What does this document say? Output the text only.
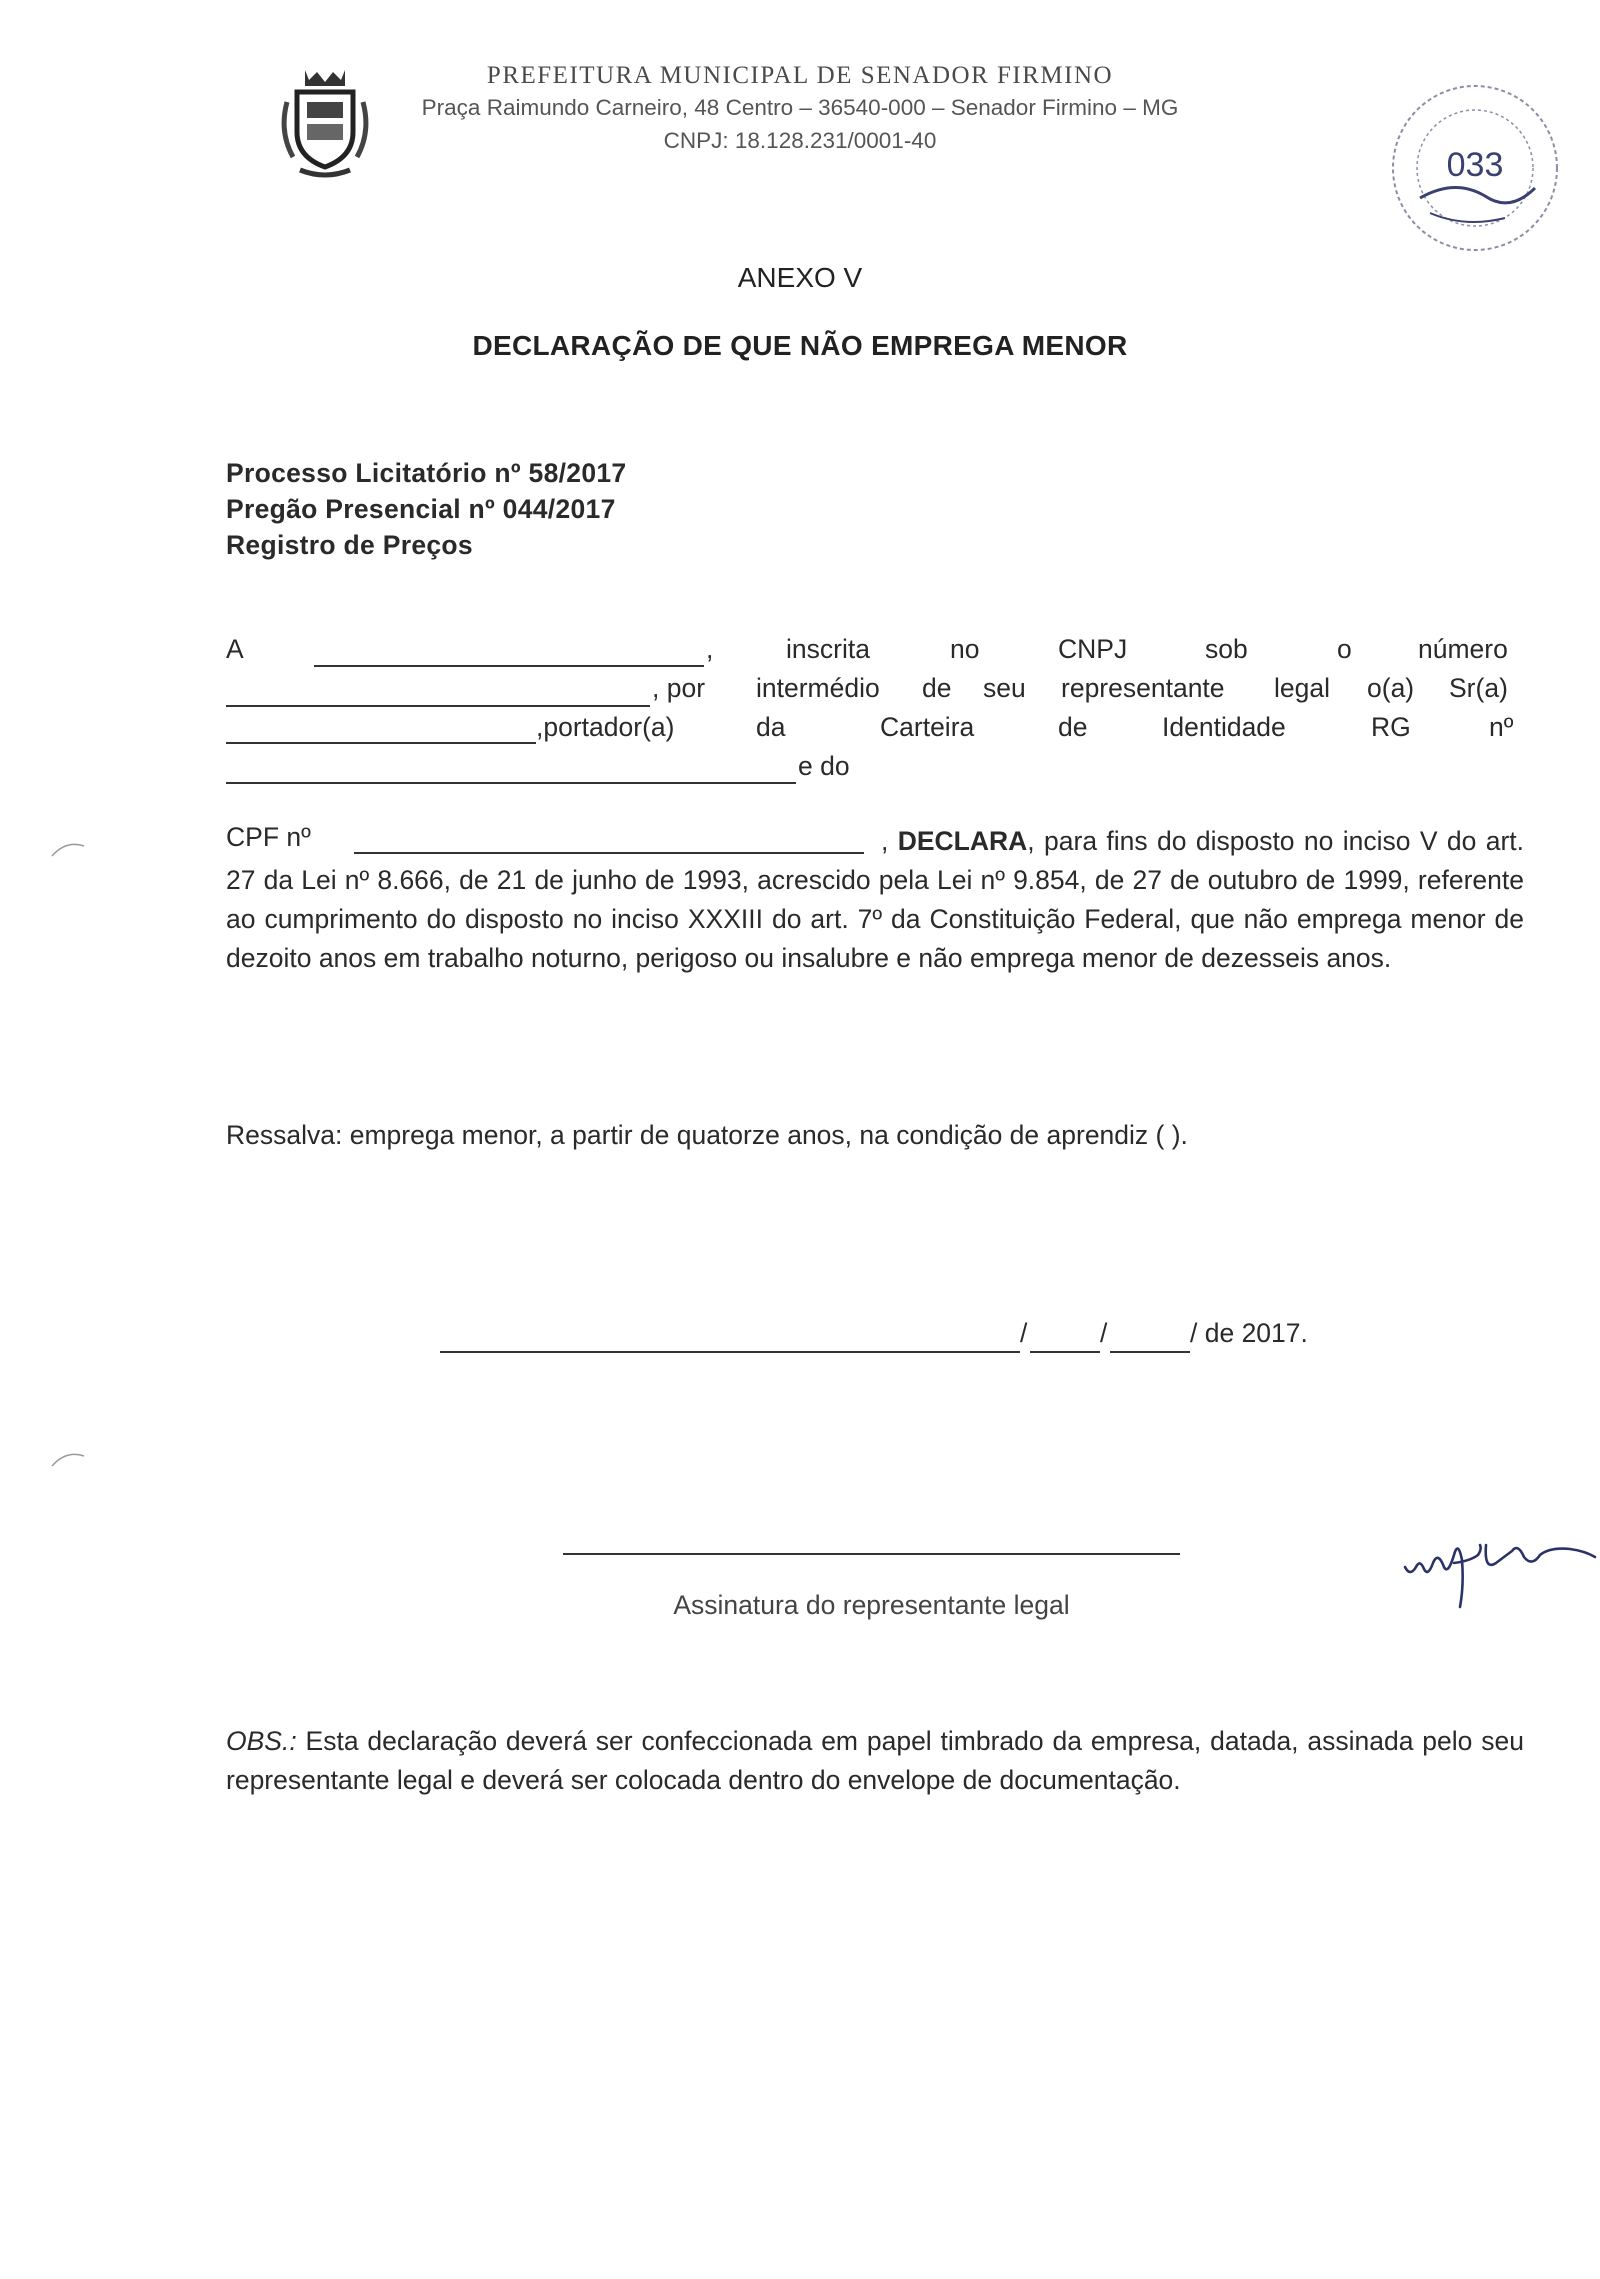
PREFEITURA MUNICIPAL DE SENADOR FIRMINO
Praça Raimundo Carneiro, 48 Centro – 36540-000 – Senador Firmino – MG
CNPJ: 18.128.231/0001-40
033
ANEXO V
DECLARAÇÃO DE QUE NÃO EMPREGA MENOR
Processo Licitatório nº 58/2017
Pregão Presencial nº 044/2017
Registro de Preços
A	,	inscrita	no	CNPJ	sob	o	número
, por intermédio de seu representante legal o(a) Sr(a)
,portador(a)	da	Carteira	de	Identidade	RG	nº
e do
CPF nº	, DECLARA, para fins do disposto no inciso V do art. 27 da Lei nº 8.666, de 21 de junho de 1993, acrescido pela Lei nº 9.854, de 27 de outubro de 1999, referente ao cumprimento do disposto no inciso XXXIII do art. 7º da Constituição Federal, que não emprega menor de dezoito anos em trabalho noturno, perigoso ou insalubre e não emprega menor de dezesseis anos.
Ressalva: emprega menor, a partir de quatorze anos, na condição de aprendiz ( ).
/	/	/ de 2017.
Assinatura do representante legal
OBS.: Esta declaração deverá ser confeccionada em papel timbrado da empresa, datada, assinada pelo seu representante legal e deverá ser colocada dentro do envelope de documentação.
